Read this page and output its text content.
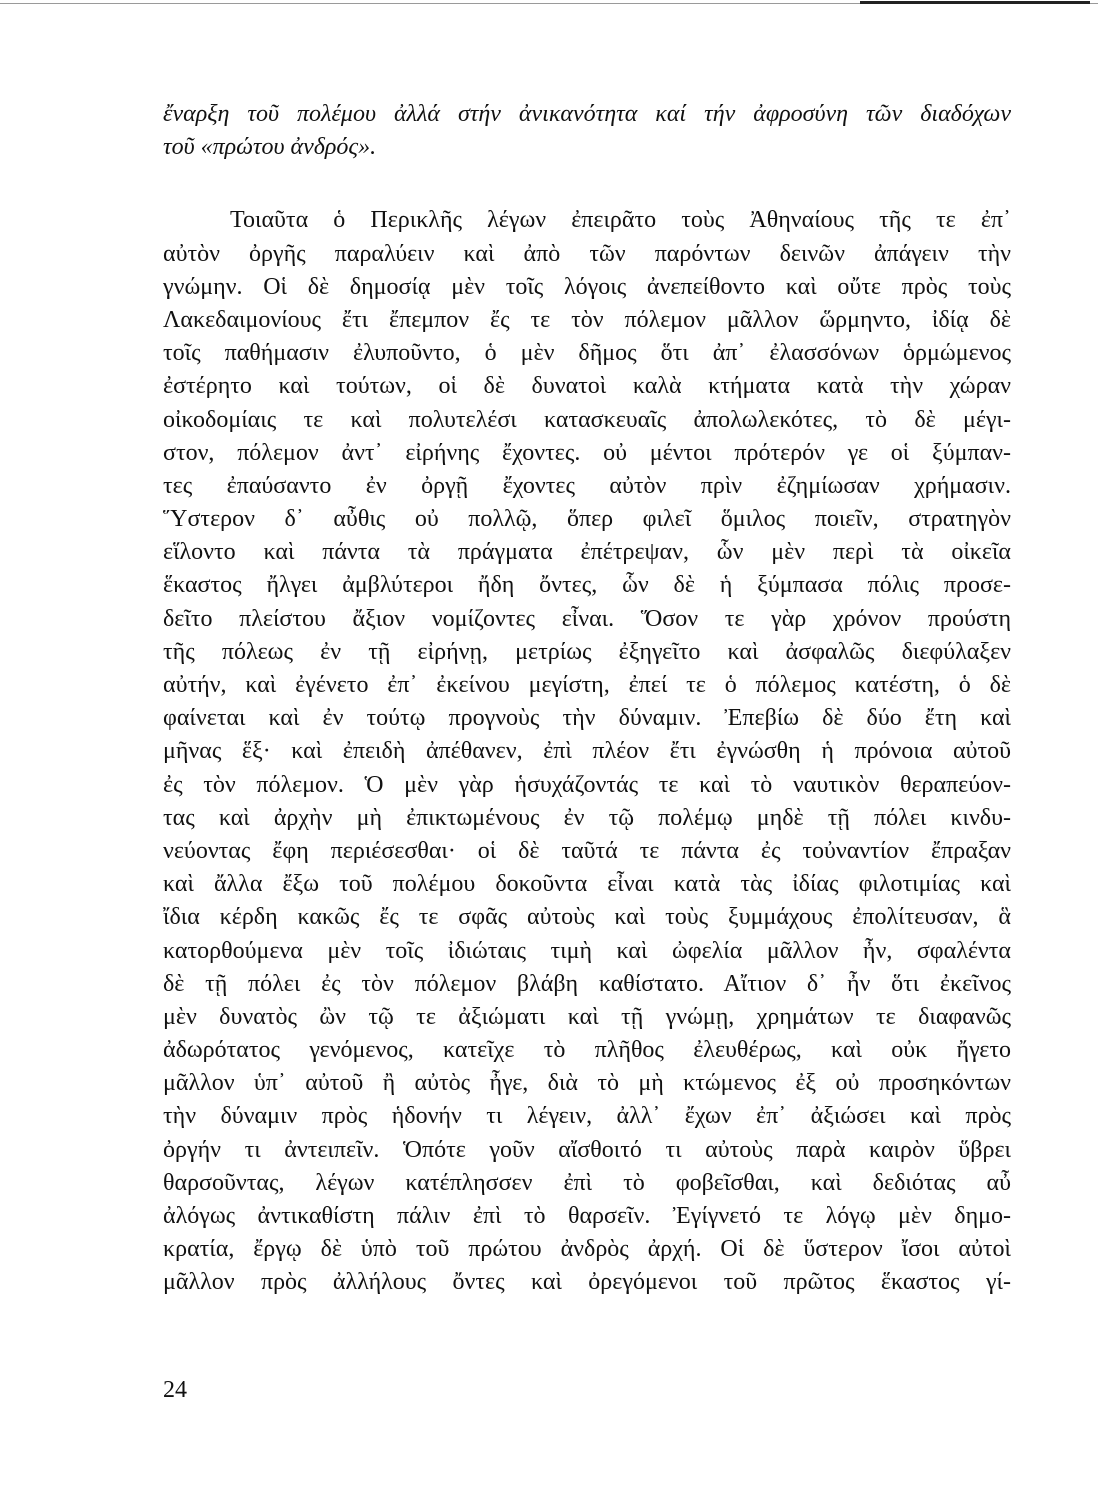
ἔναρξη τοῦ πολέμου ἀλλά στήν ἀνικανότητα καί τήν ἀφροσύνη τῶν διαδόχων
τοῦ «πρώτου ἀνδρός».
Τοιαῦτα ὁ Περικλῆς λέγων ἐπειρᾶτο τοὺς Ἀθηναίους τῆς τε ἐπ᾽
αὐτὸν ὀργῆς παραλύειν καὶ ἀπὸ τῶν παρόντων δεινῶν ἀπάγειν τὴν
γνώμην. Οἱ δὲ δημοσίᾳ μὲν τοῖς λόγοις ἀνεπείθοντο καὶ οὔτε πρὸς τοὺς
Λακεδαιμονίους ἔτι ἔπεμπον ἔς τε τὸν πόλεμον μᾶλλον ὥρμηντο, ἰδίᾳ δὲ
τοῖς παθήμασιν ἐλυποῦντο, ὁ μὲν δῆμος ὅτι ἀπ᾽ ἐλασσόνων ὁρμώμενος
ἐστέρητο καὶ τούτων, οἱ δὲ δυνατοὶ καλὰ κτήματα κατὰ τὴν χώραν
οἰκοδομίαις τε καὶ πολυτελέσι κατασκευαῖς ἀπολωλεκότες, τὸ δὲ μέγι-
στον, πόλεμον ἀντ᾽ εἰρήνης ἔχοντες. οὐ μέντοι πρότερόν γε οἱ ξύμπαν-
τες ἐπαύσαντο ἐν ὀργῇ ἔχοντες αὐτὸν πρὶν ἐζημίωσαν χρήμασιν.
Ὕστερον δ᾽ αὖθις οὐ πολλῷ, ὅπερ φιλεῖ ὅμιλος ποιεῖν, στρατηγὸν
εἵλοντο καὶ πάντα τὰ πράγματα ἐπέτρεψαν, ὧν μὲν περὶ τὰ οἰκεῖα
ἕκαστος ἤλγει ἀμβλύτεροι ἤδη ὄντες, ὧν δὲ ἡ ξύμπασα πόλις προσε-
δεῖτο πλείστου ἄξιον νομίζοντες εἶναι. Ὅσον τε γὰρ χρόνον προύστη
τῆς πόλεως ἐν τῇ εἰρήνῃ, μετρίως ἐξηγεῖτο καὶ ἀσφαλῶς διεφύλαξεν
αὐτήν, καὶ ἐγένετο ἐπ᾽ ἐκείνου μεγίστη, ἐπεί τε ὁ πόλεμος κατέστη, ὁ δὲ
φαίνεται καὶ ἐν τούτῳ προγνοὺς τὴν δύναμιν. Ἐπεβίω δὲ δύο ἔτη καὶ
μῆνας ἕξ· καὶ ἐπειδὴ ἀπέθανεν, ἐπὶ πλέον ἔτι ἐγνώσθη ἡ πρόνοια αὐτοῦ
ἐς τὸν πόλεμον. Ὁ μὲν γὰρ ἡσυχάζοντάς τε καὶ τὸ ναυτικὸν θεραπεύον-
τας καὶ ἀρχὴν μὴ ἐπικτωμένους ἐν τῷ πολέμῳ μηδὲ τῇ πόλει κινδυ-
νεύοντας ἔφη περιέσεσθαι· οἱ δὲ ταῦτά τε πάντα ἐς τοὐναντίον ἔπραξαν
καὶ ἄλλα ἔξω τοῦ πολέμου δοκοῦντα εἶναι κατὰ τὰς ἰδίας φιλοτιμίας καὶ
ἴδια κέρδη κακῶς ἔς τε σφᾶς αὐτοὺς καὶ τοὺς ξυμμάχους ἐπολίτευσαν, ἃ
κατορθούμενα μὲν τοῖς ἰδιώταις τιμὴ καὶ ὠφελία μᾶλλον ἦν, σφαλέντα
δὲ τῇ πόλει ἐς τὸν πόλεμον βλάβη καθίστατο. Αἴτιον δ᾽ ἦν ὅτι ἐκεῖνος
μὲν δυνατὸς ὢν τῷ τε ἀξιώματι καὶ τῇ γνώμῃ, χρημάτων τε διαφανῶς
ἀδωρότατος γενόμενος, κατεῖχε τὸ πλῆθος ἐλευθέρως, καὶ οὐκ ἤγετο
μᾶλλον ὑπ᾽ αὐτοῦ ἢ αὐτὸς ἦγε, διὰ τὸ μὴ κτώμενος ἐξ οὐ προσηκόντων
τὴν δύναμιν πρὸς ἡδονήν τι λέγειν, ἀλλ᾽ ἔχων ἐπ᾽ ἀξιώσει καὶ πρὸς
ὀργήν τι ἀντειπεῖν. Ὁπότε γοῦν αἴσθοιτό τι αὐτοὺς παρὰ καιρὸν ὕβρει
θαρσοῦντας, λέγων κατέπλησσεν ἐπὶ τὸ φοβεῖσθαι, καὶ δεδιότας αὖ
ἀλόγως ἀντικαθίστη πάλιν ἐπὶ τὸ θαρσεῖν. Ἐγίγνετό τε λόγῳ μὲν δημο-
κρατία, ἔργῳ δὲ ὑπὸ τοῦ πρώτου ἀνδρὸς ἀρχή. Οἱ δὲ ὕστερον ἴσοι αὐτοὶ
μᾶλλον πρὸς ἀλλήλους ὄντες καὶ ὀρεγόμενοι τοῦ πρῶτος ἕκαστος γί-
24
